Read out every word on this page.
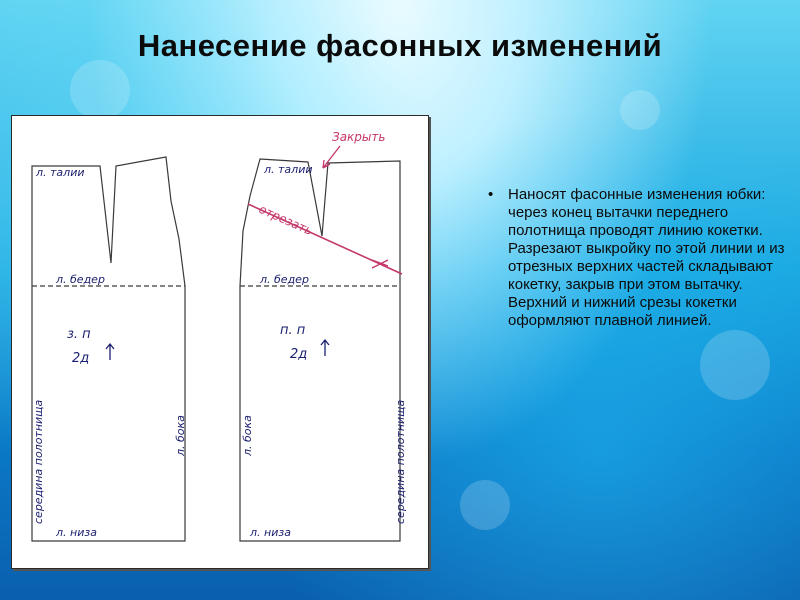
Нанесение фасонных изменений
л. талии
л. бедер
з. п
2д
середина полотнища	л. бока
л. низа
л. талии
л. бедер
п. п
2д
середина полотнища
л. бока
л. низа
Закрыть
отрезать
• Наносят фасонные изменения юбки: через конец вытачки переднего полотнища проводят линию кокетки. Разрезают выкройку по этой линии и из отрезных верхних частей складывают кокетку, закрыв при этом вытачку. Верхний и нижний срезы кокетки оформляют плавной линией.
